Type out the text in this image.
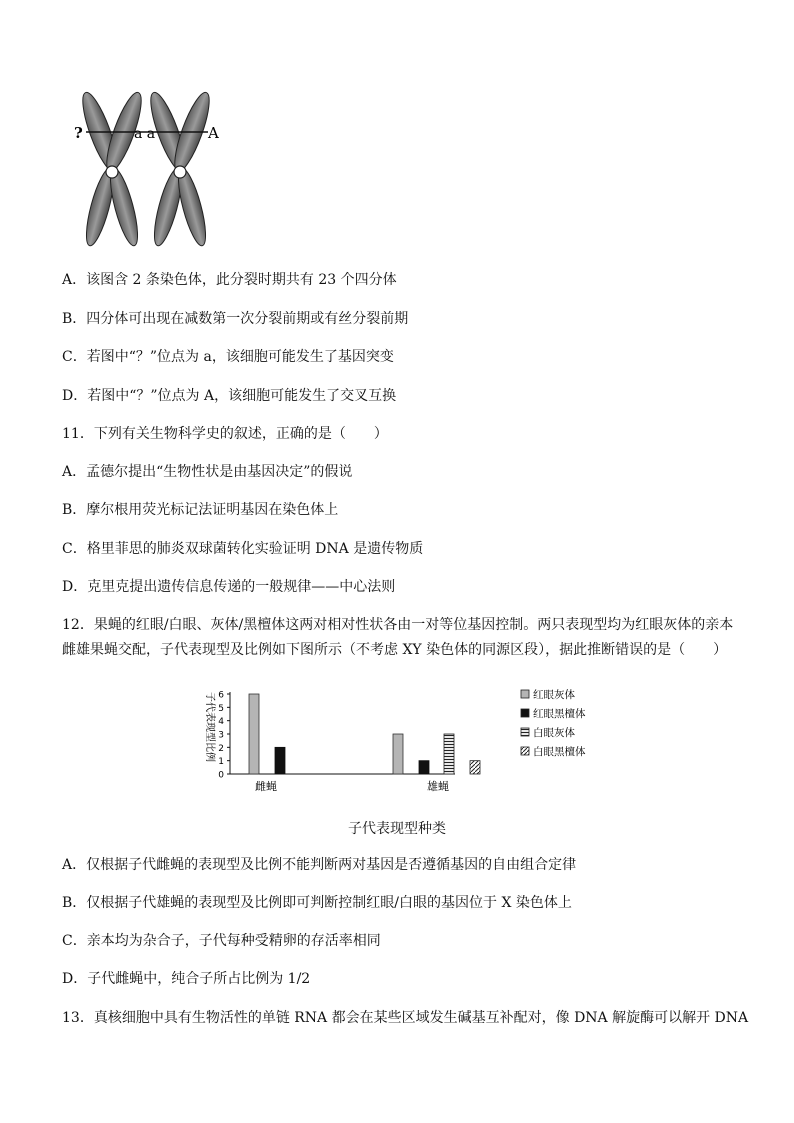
?	a a	A
A．该图含 2 条染色体，此分裂时期共有 23 个四分体
B．四分体可出现在减数第一次分裂前期或有丝分裂前期
C．若图中“？”位点为 a，该细胞可能发生了基因突变
D．若图中“？”位点为 A，该细胞可能发生了交叉互换
11．下列有关生物科学史的叙述，正确的是（　　）
A．孟德尔提出“生物性状是由基因决定”的假说
B．摩尔根用荧光标记法证明基因在染色体上
C．格里菲思的肺炎双球菌转化实验证明 DNA 是遗传物质
D．克里克提出遗传信息传递的一般规律——中心法则
12．果蝇的红眼/白眼、灰体/黑檀体这两对相对性状各由一对等位基因控制。两只表现型均为红眼灰体的亲本
雌雄果蝇交配，子代表现型及比例如下图所示（不考虑 XY 染色体的同源区段），据此推断错误的是（　　）
子代表现型比例
0
1
2
3
4
5
6
雌蝇	雄蝇
红眼灰体
红眼黑檀体
白眼灰体
白眼黑檀体
子代表现型种类
A．仅根据子代雌蝇的表现型及比例不能判断两对基因是否遵循基因的自由组合定律
B．仅根据子代雄蝇的表现型及比例即可判断控制红眼/白眼的基因位于 X 染色体上
C．亲本均为杂合子，子代每种受精卵的存活率相同
D．子代雌蝇中，纯合子所占比例为 1/2
13．真核细胞中具有生物活性的单链 RNA 都会在某些区域发生碱基互补配对，像 DNA 解旋酶可以解开 DNA
